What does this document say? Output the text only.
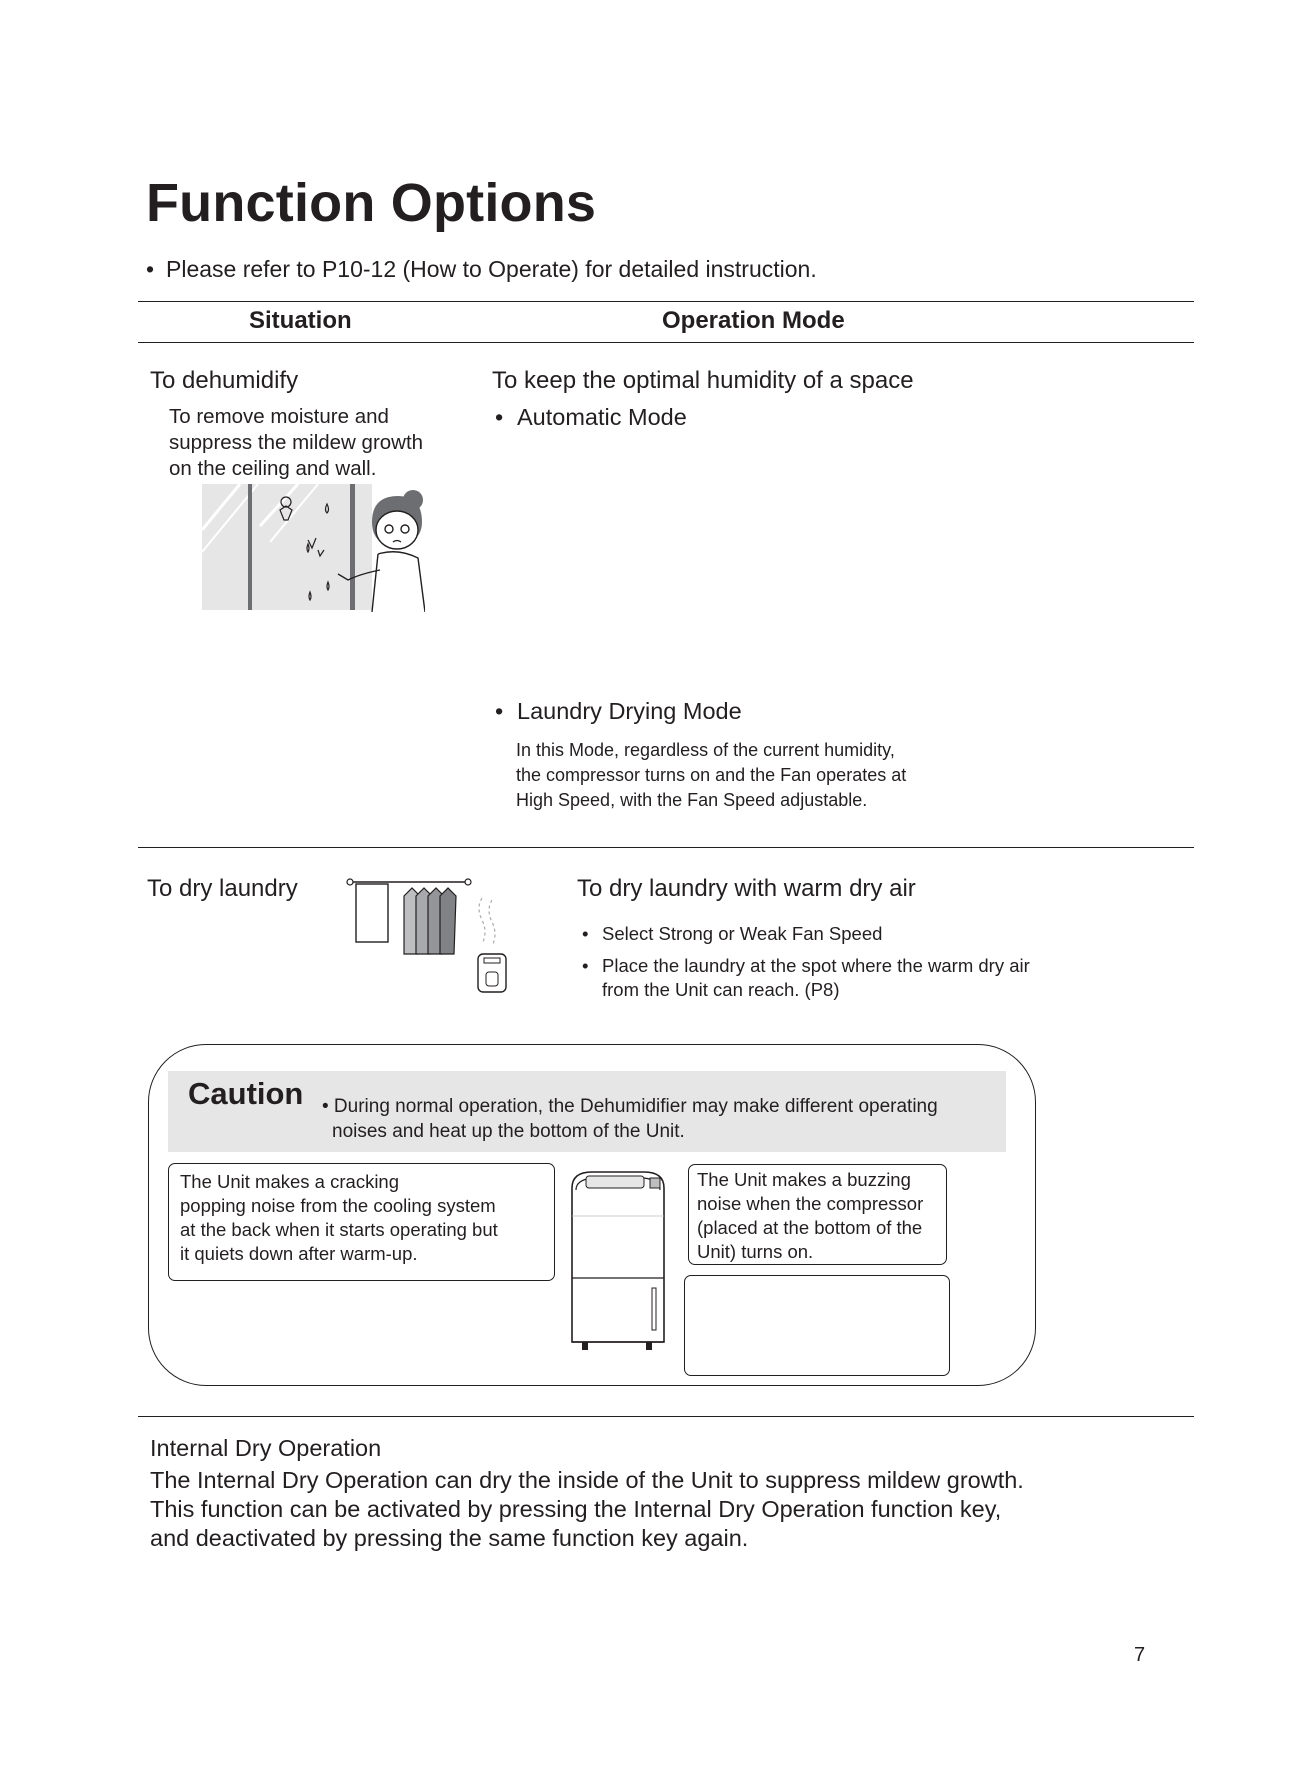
Function Options
• Please refer to P10-12 (How to Operate) for detailed instruction.
Situation	Operation Mode
To dehumidify
To remove moisture and
suppress the mildew growth
on the ceiling and wall.
To keep the optimal humidity of a space
• Automatic Mode
• Laundry Drying Mode
In this Mode, regardless of the current humidity,
the compressor turns on and the Fan operates at
High Speed, with the Fan Speed adjustable.
To dry laundry	To dry laundry with warm dry air
• Select Strong or Weak Fan Speed
• Place the laundry at the spot where the warm dry air
from the Unit can reach. (P8)
Caution • During normal operation, the Dehumidifier may make different operating
noises and heat up the bottom of the Unit.
The Unit makes a cracking
popping noise from the cooling system
at the back when it starts operating but
it quiets down after warm-up.
The Unit makes a buzzing
noise when the compressor
(placed at the bottom of the
Unit) turns on.
Internal Dry Operation
The Internal Dry Operation can dry the inside of the Unit to suppress mildew growth.
This function can be activated by pressing the Internal Dry Operation function key,
and deactivated by pressing the same function key again.
7
